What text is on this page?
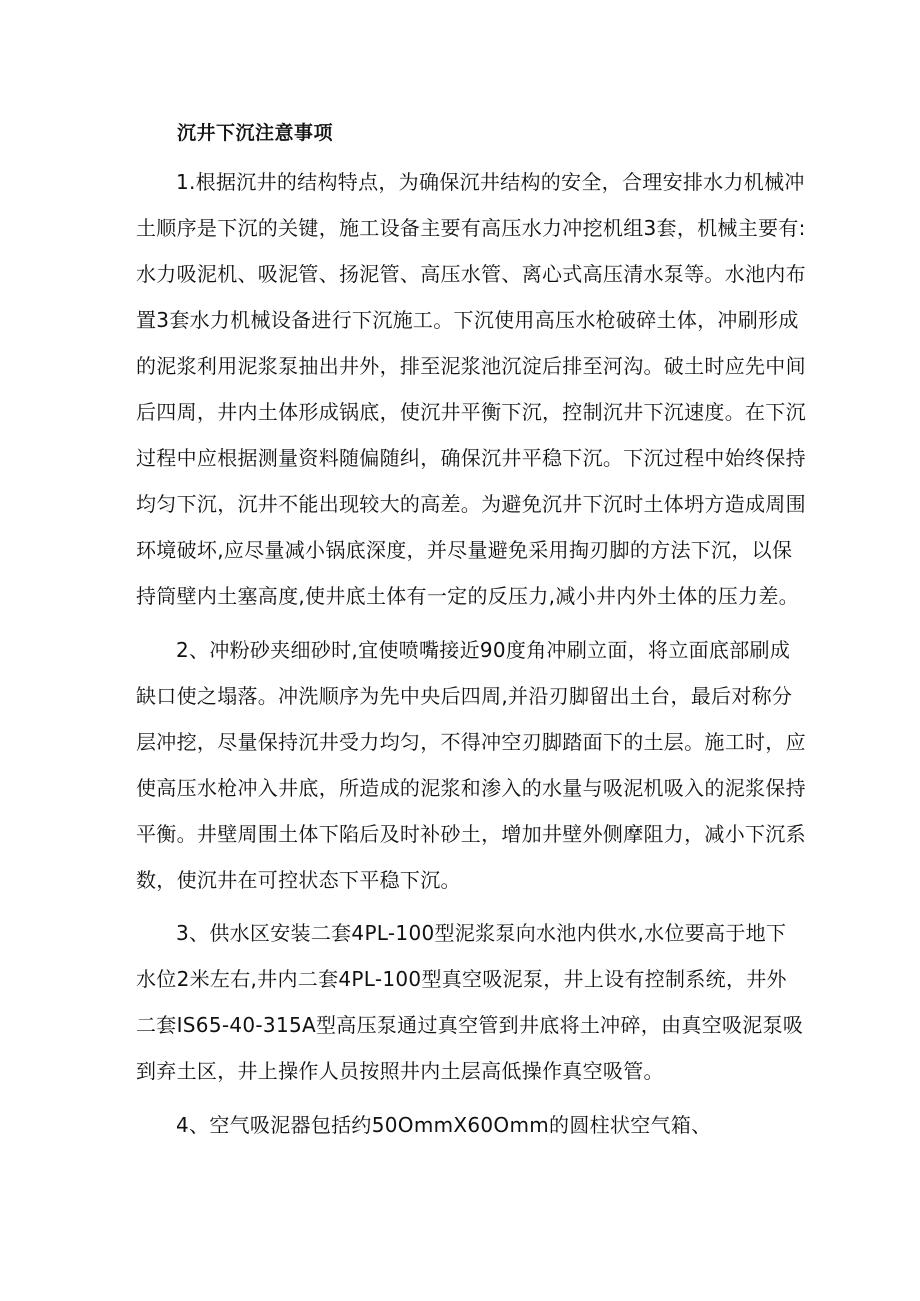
沉井下沉注意事项
1.根据沉井的结构特点，为确保沉井结构的安全，合理安排水力机械冲
土顺序是下沉的关键，施工设备主要有高压水力冲挖机组3套，机械主要有:
水力吸泥机、吸泥管、扬泥管、高压水管、离心式高压清水泵等。水池内布
置3套水力机械设备进行下沉施工。下沉使用高压水枪破碎土体，冲刷形成
的泥浆利用泥浆泵抽出井外，排至泥浆池沉淀后排至河沟。破土时应先中间
后四周，井内土体形成锅底，使沉井平衡下沉，控制沉井下沉速度。在下沉
过程中应根据测量资料随偏随纠，确保沉井平稳下沉。下沉过程中始终保持
均匀下沉，沉井不能出现较大的高差。为避免沉井下沉时土体坍方造成周围
环境破坏,应尽量减小锅底深度，并尽量避免采用掏刃脚的方法下沉，以保
持筒壁内土塞高度,使井底土体有一定的反压力,减小井内外土体的压力差。
2、冲粉砂夹细砂时,宜使喷嘴接近90度角冲刷立面，将立面底部刷成
缺口使之塌落。冲洗顺序为先中央后四周,并沿刃脚留出土台，最后对称分
层冲挖，尽量保持沉井受力均匀，不得冲空刃脚踏面下的土层。施工时，应
使高压水枪冲入井底，所造成的泥浆和渗入的水量与吸泥机吸入的泥浆保持
平衡。井壁周围土体下陷后及时补砂土，增加井壁外侧摩阻力，减小下沉系
数，使沉井在可控状态下平稳下沉。
3、供水区安装二套4PL-100型泥浆泵向水池内供水,水位要高于地下
水位2米左右,井内二套4PL-100型真空吸泥泵，井上设有控制系统，井外
二套IS65-40-315A型高压泵通过真空管到井底将土冲碎，由真空吸泥泵吸
到弃土区，井上操作人员按照井内土层高低操作真空吸管。
4、空气吸泥器包括约50OmmX60Omm的圆柱状空气箱、
